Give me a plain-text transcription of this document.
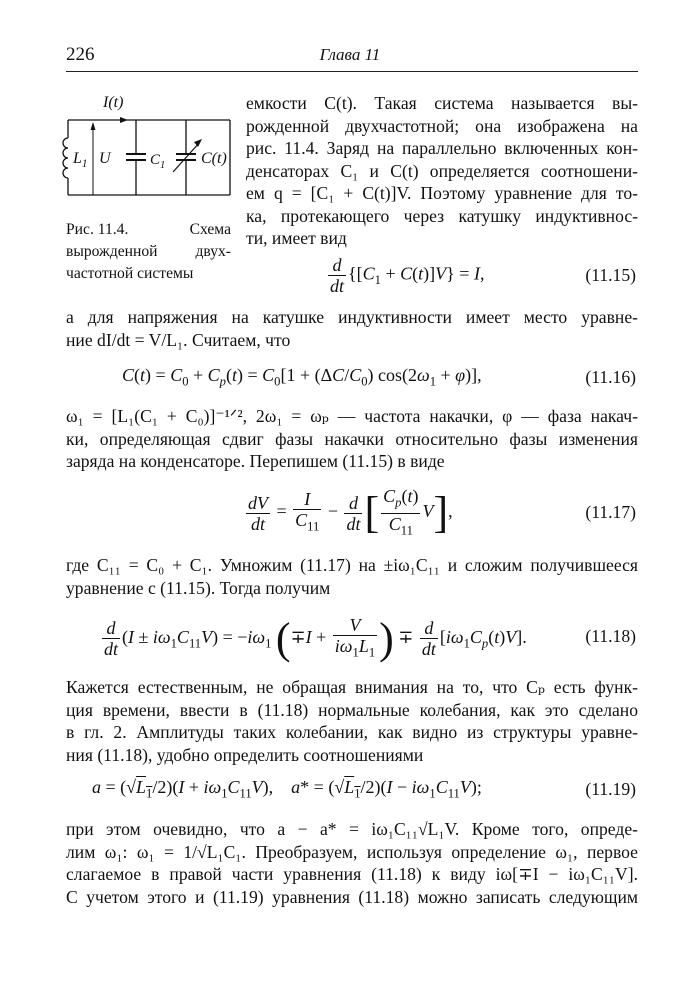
226	Глава 11
I(t)
$L_1$ U	$C_1$ C(t)
Рис. 11.4.	Схема
вырожденной двух-
частотной системы
емкости C(t). Такая система называется вы-
рожденной двухчастотной; она изображена на
рис. 11.4. Заряд на параллельно включенных кон-
денсаторах C₁ и C(t) определяется соотношени-
ем q = [C₁ + C(t)]V. Поэтому уравнение для то-
ка, протекающего через катушку индуктивнос-
ти, имеет вид
$\frac{d}{dt} \{[C_1 + C(t)]V\} = I$,	(11.15)
а для напряжения на катушке индуктивности имеет место уравне-
ние dI/dt = V/L₁. Считаем, что
$C(t) = C_0 + C_p(t) = C_0[1 + (\Delta C/C_0) \cos(2\omega_1 + \varphi)]$,	(11.16)
ω₁ = [L₁(C₁ + C₀)]⁻¹ᐟ², 2ω₁ = ωₚ — частота накачки, φ — фаза накач-
ки, определяющая сдвиг фазы накачки относительно фазы изменения
заряда на конденсаторе. Перепишем (11.15) в виде
$\frac{dV}{dt} = \frac{I}{C_{11}} - \frac{d}{dt}$ [ $\frac{C_p(t)}{C_{11}} V$],	(11.17)
где C₁₁ = C₀ + C₁. Умножим (11.17) на ±iω₁C₁₁ и сложим получившееся
уравнение с (11.15). Тогда получим
$\frac{d}{dt} (I \pm i\omega_1C_{11}V) = -i\omega_1$ ($\mp I + \frac{V}{i\omega_1L_1}$ ) ∓ $\frac{d}{dt} [i\omega_1C_p(t)V]$.	(11.18)
Кажется естественным, не обращая внимания на то, что Cₚ есть функ-
ция времени, ввести в (11.18) нормальные колебания, как это сделано
в гл. 2. Амплитуды таких колебании, как видно из структуры уравне-
ния (11.18), удобно определить соотношениями
$a = (√L_1/2)(I + i\omega_1C_{11}V)$,    $a* = (√L_1/2)(I - i\omega_1C_{11}V)$;	(11.19)
при этом очевидно, что a − a* = iω₁C₁₁√L₁V. Кроме того, опреде-
лим ω₁: ω₁ = 1/√L₁C₁. Преобразуем, используя определение ω₁, первое
слагаемое в правой части уравнения (11.18) к виду iω[∓I − iω₁C₁₁V].
С учетом этого и (11.19) уравнения (11.18) можно записать следующим
